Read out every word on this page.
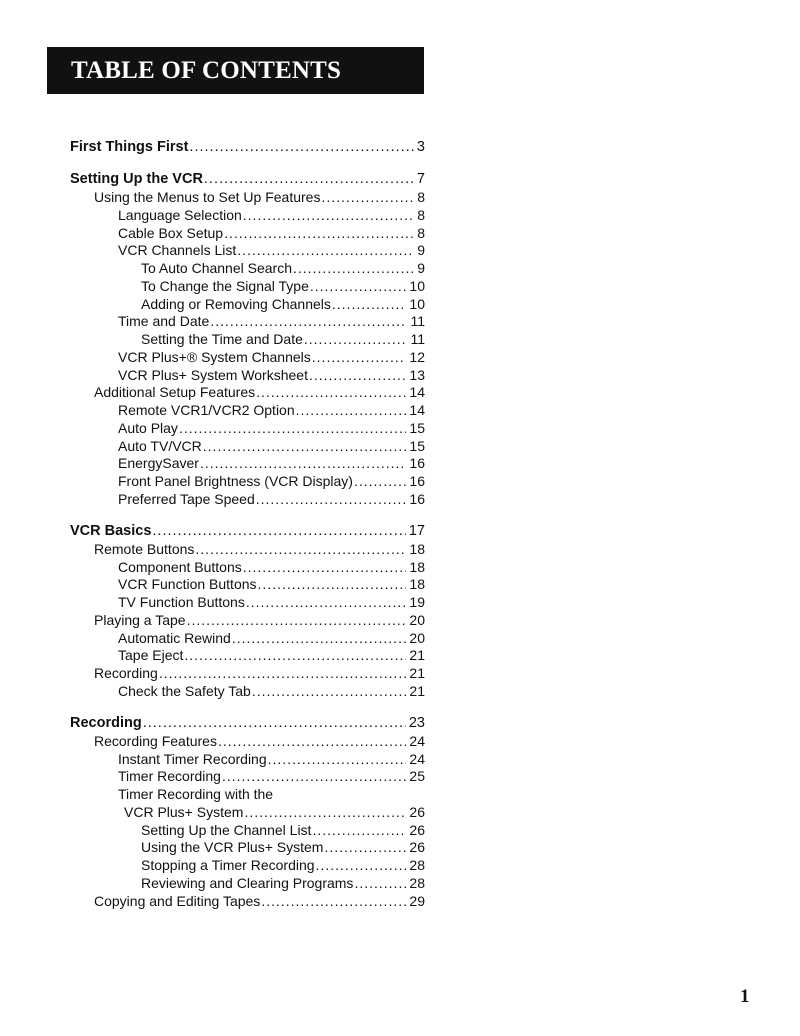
TABLE OF CONTENTS
First Things First .....	3
Setting Up the VCR .....	7
Using the Menus to Set Up Features .....	8
Language Selection .....	8
Cable Box Setup .....	8
VCR Channels List .....	9
To Auto Channel Search .....	9
To Change the Signal Type .....	10
Adding or Removing Channels .....	10
Time and Date .....	11
Setting the Time and Date .....	11
VCR Plus+® System Channels .....	12
VCR Plus+ System Worksheet .....	13
Additional Setup Features .....	14
Remote VCR1/VCR2 Option .....	14
Auto Play .....	15
Auto TV/VCR .....	15
EnergySaver .....	16
Front Panel Brightness (VCR Display) .....	16
Preferred Tape Speed .....	16
VCR Basics .....	17
Remote Buttons .....	18
Component Buttons .....	18
VCR Function Buttons .....	18
TV Function Buttons .....	19
Playing a Tape .....	20
Automatic Rewind .....	20
Tape Eject .....	21
Recording .....	21
Check the Safety Tab .....	21
Recording .....	23
Recording Features .....	24
Instant Timer Recording .....	24
Timer Recording .....	25
Timer Recording with the
VCR Plus+ System .....	26
Setting Up the Channel List .....	26
Using the VCR Plus+ System .....	26
Stopping a Timer Recording .....	28
Reviewing and Clearing Programs .....	28
Copying and Editing Tapes .....	29
1
